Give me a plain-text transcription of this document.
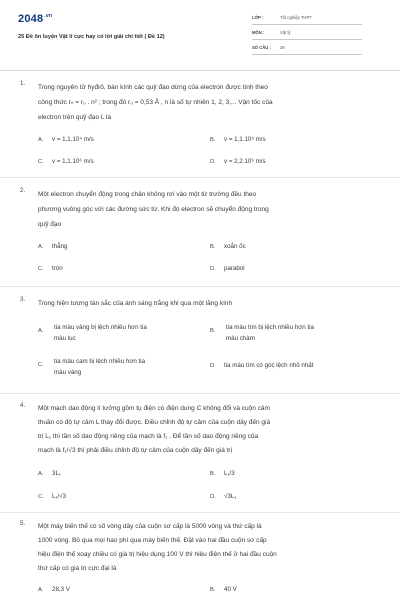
$2048^{.vn}$
25 Đề ôn luyện Vật lí cực hay có lời giải chi tiết ( Đề 12)
LỚP :	Tốt nghiệp THPT
MÔN :	Vật lý
SỐ CÂU : 39
1.
Trong nguyên tử hyđrô, bán kính các quỹ đạo dừng của electron được tính theo
công thức rₙ = r₀ . n² ; trong đó r₀ = 0,53 Å , n là số tự nhiên 1, 2, 3,... Vận tốc của
electron trên quỹ đạo L là
A. v = 1,1.10⁴ m/s	B. v = 1,1.10⁵ m/s
C. v = 1,1.10⁶ m/s	D. v = 2,2.10⁶ m/s
2.
Một electron chuyển động trong chân không rơi vào một từ trường đều theo
phương vuông góc với các đường sức từ. Khi đó electron sẽ chuyển động trong
quỹ đạo
A. thẳng	B. xoắn ốc
C. tròn	D. parabol
3.
Trong hiện tượng tán sắc của ánh sáng trắng khi qua một lăng kính
A. tia màu vàng bị lệch nhiều hơn tia
màu lục
B. tia màu tím bị lệch nhiều hơn tia
màu chàm
C. tia màu cam bị lệch nhiều hơn tia
màu vàng
D. tia màu tím có góc lệch nhỏ nhất
4. Một mạch dao động lí tưởng gồm tụ điện có điện dung C không đổi và cuộn cảm
thuần có độ tự cảm L thay đổi được. Điều chỉnh độ tự cảm của cuộn dây đến giá
trị L₁ thì tần số dao động riêng của mạch là f₁ . Để tần số dao động riêng của
mạch là f₁/√3 thì phải điều chỉnh độ tự cảm của cuộn dây đến giá trị
A. 3L₁	B. L₁/3
C. L₁/√3	D. √3L₁
5. Một máy biến thế có số vòng dây của cuộn sơ cấp là 5000 vòng và thứ cấp là
1000 vòng. Bỏ qua mọi hao phí qua máy biến thế. Đặt vào hai đầu cuộn sơ cấp
hiệu điện thế xoay chiều có giá trị hiệu dụng 100 V thì hiệu điện thế ở hai đầu cuộn
thứ cấp có giá trị cực đại là
A. 28,3 V	B. 40 V
